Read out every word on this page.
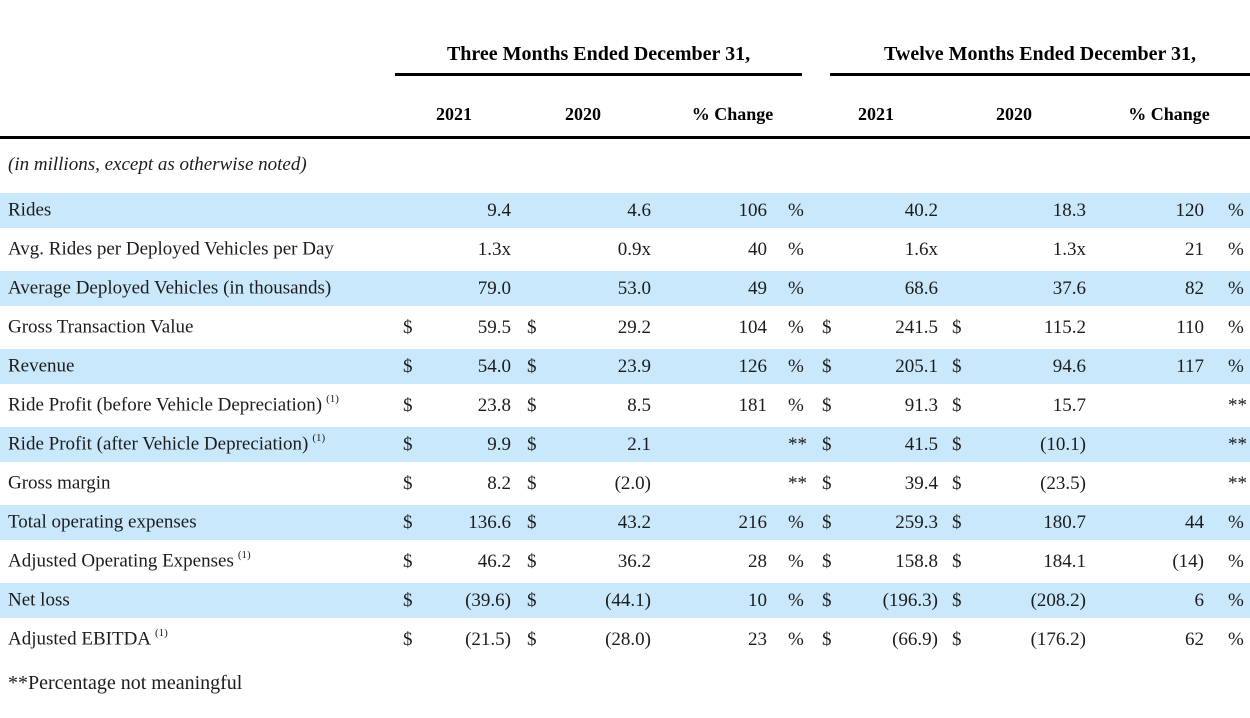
	Three Months Ended December 31,						Twelve Months Ended December 31,					

	2021		2020		% Change		2021		2020		% Change	
(in millions, except as otherwise noted)												
Rides		9.4		4.6	106	%		40.2		18.3	120	%
Avg. Rides per Deployed Vehicles per Day		1.3x		0.9x	40	%		1.6x		1.3x	21	%
Average Deployed Vehicles (in thousands)		79.0		53.0	49	%		68.6		37.6	82	%
Gross Transaction Value	$	59.5	$	29.2	104	%	$	241.5	$	115.2	110	%
Revenue	$	54.0	$	23.9	126	%	$	205.1	$	94.6	117	%
Ride Profit (before Vehicle Depreciation) $^{(1)}$	$	23.8	$	8.5	181	%	$	91.3	$	15.7		**
Ride Profit (after Vehicle Depreciation) $^{(1)}$	$	9.9	$	2.1		**	$	41.5	$	(10.1)		**
Gross margin	$	8.2	$	(2.0)		**	$	39.4	$	(23.5)		**
Total operating expenses	$	136.6	$	43.2	216	%	$	259.3	$	180.7	44	%
Adjusted Operating Expenses $^{(1)}$	$	46.2	$	36.2	28	%	$	158.8	$	184.1	(14)	%
Net loss	$	(39.6)	$	(44.1)	10	%	$	(196.3)	$	(208.2)	6	%
Adjusted EBITDA $^{(1)}$	$	(21.5)	$	(28.0)	23	%	$	(66.9)	$	(176.2)	62	%
**Percentage not meaningful
